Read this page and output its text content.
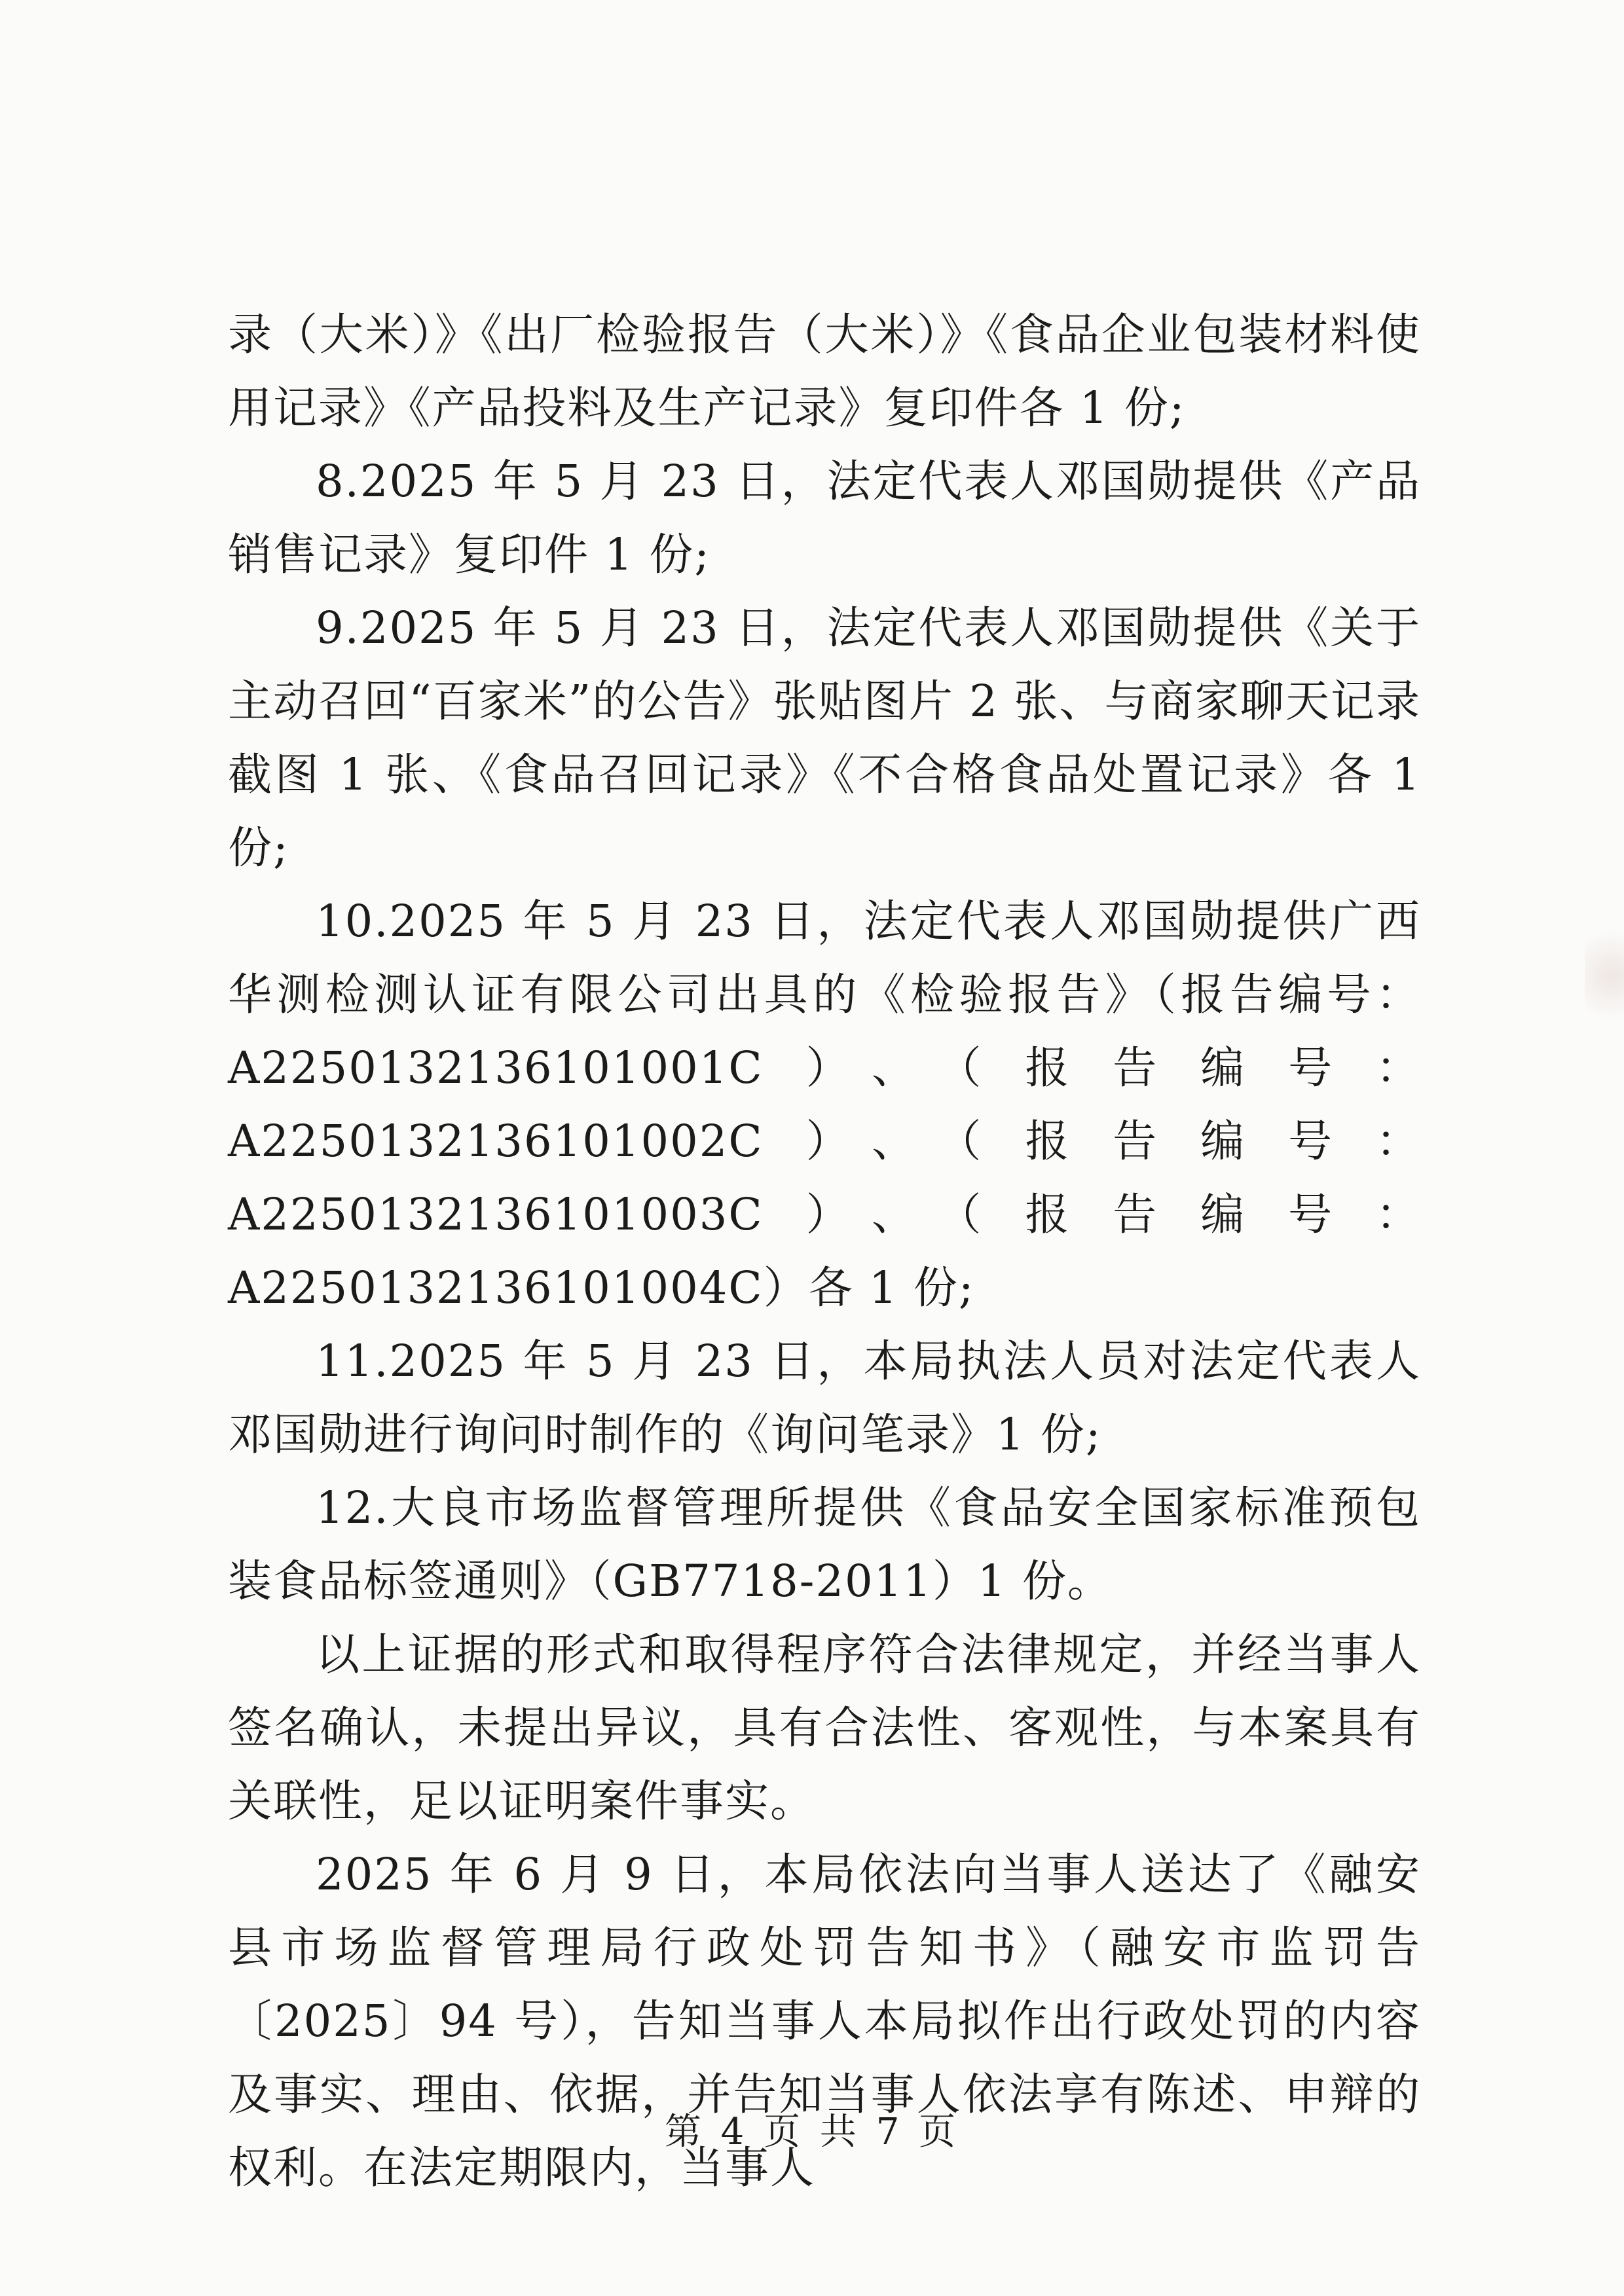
录（大米）》《出厂检验报告（大米）》《食品企业包装材料使用记录》《产品投料及生产记录》复印件各 1 份;

8.2025 年 5 月 23 日，法定代表人邓国勋提供《产品销售记录》复印件 1 份;

9.2025 年 5 月 23 日，法定代表人邓国勋提供《关于主动召回“百家米”的公告》张贴图片 2 张、与商家聊天记录截图 1 张、《食品召回记录》《不合格食品处置记录》各 1 份;

10.2025 年 5 月 23 日，法定代表人邓国勋提供广西华测检测认证有限公司出具的《检验报告》（报告编号：A2250132136101001C）、（报告编号：A2250132136101002C）、（报告编号：A2250132136101003C）、（报告编号：A2250132136101004C）各 1 份;

11.2025 年 5 月 23 日，本局执法人员对法定代表人邓国勋进行询问时制作的《询问笔录》1 份;

12.大良市场监督管理所提供《食品安全国家标准预包装食品标签通则》（GB7718-2011）1 份。

以上证据的形式和取得程序符合法律规定，并经当事人签名确认，未提出异议，具有合法性、客观性，与本案具有关联性，足以证明案件事实。

2025 年 6 月 9 日，本局依法向当事人送达了《融安县市场监督管理局行政处罚告知书》（融安市监罚告〔2025〕94 号），告知当事人本局拟作出行政处罚的内容及事实、理由、依据，并告知当事人依法享有陈述、申辩的权利。在法定期限内，当事人

第 4 页 共 7 页
